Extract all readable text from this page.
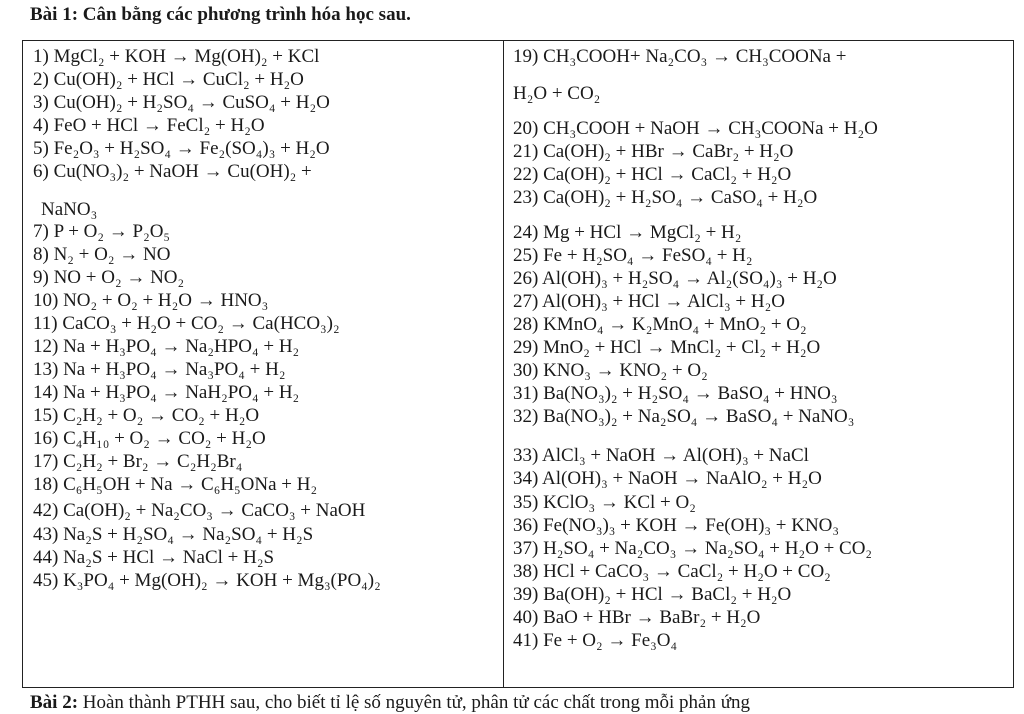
Bài 1: Cân bằng các phương trình hóa học sau.
1) MgCl₂ + KOH → Mg(OH)₂ + KCl
2) Cu(OH)₂ + HCl → CuCl₂ + H₂O
3) Cu(OH)₂ + H₂SO₄ → CuSO₄ + H₂O
4) FeO + HCl → FeCl₂ + H₂O
5) Fe₂O₃ + H₂SO₄ → Fe₂(SO₄)₃ + H₂O
6) Cu(NO₃)₂ + NaOH → Cu(OH)₂ +
NaNO₃
7) P + O₂ → P₂O₅
8) N₂ + O₂ → NO
9) NO + O₂ → NO₂
10) NO₂ + O₂ + H₂O → HNO₃
11) CaCO₃ + H₂O + CO₂ → Ca(HCO₃)₂
12) Na + H₃PO₄ → Na₂HPO₄ + H₂
13) Na + H₃PO₄ → Na₃PO₄ + H₂
14) Na + H₃PO₄ → NaH₂PO₄ + H₂
15) C₂H₂ + O₂ → CO₂ + H₂O
16) C₄H₁₀ + O₂ → CO₂ + H₂O
17) C₂H₂ + Br₂ → C₂H₂Br₄
18) C₆H₅OH + Na → C₆H₅ONa + H₂
42) Ca(OH)₂ + Na₂CO₃ → CaCO₃ + NaOH
43) Na₂S + H₂SO₄ → Na₂SO₄ + H₂S
44) Na₂S + HCl → NaCl + H₂S
45) K₃PO₄ + Mg(OH)₂ → KOH + Mg₃(PO₄)₂
19) CH₃COOH+ Na₂CO₃ → CH₃COONa +
H₂O + CO₂
20) CH₃COOH + NaOH → CH₃COONa + H₂O
21) Ca(OH)₂ + HBr → CaBr₂ + H₂O
22) Ca(OH)₂ + HCl → CaCl₂ + H₂O
23) Ca(OH)₂ + H₂SO₄ → CaSO₄ + H₂O
24) Mg + HCl → MgCl₂ + H₂
25) Fe + H₂SO₄ → FeSO₄ + H₂
26) Al(OH)₃ + H₂SO₄ → Al₂(SO₄)₃ + H₂O
27) Al(OH)₃ + HCl → AlCl₃ + H₂O
28) KMnO₄ → K₂MnO₄ + MnO₂ + O₂
29) MnO₂ + HCl → MnCl₂ + Cl₂ + H₂O
30) KNO₃ → KNO₂ + O₂
31) Ba(NO₃)₂ + H₂SO₄ → BaSO₄ + HNO₃
32) Ba(NO₃)₂ + Na₂SO₄ → BaSO₄ + NaNO₃
33) AlCl₃ + NaOH → Al(OH)₃ + NaCl
34) Al(OH)₃ + NaOH → NaAlO₂ + H₂O
35) KClO₃ → KCl + O₂
36) Fe(NO₃)₃ + KOH → Fe(OH)₃ + KNO₃
37) H₂SO₄ + Na₂CO₃ → Na₂SO₄ + H₂O + CO₂
38) HCl + CaCO₃ → CaCl₂ + H₂O + CO₂
39) Ba(OH)₂ + HCl → BaCl₂ + H₂O
40) BaO + HBr → BaBr₂ + H₂O
41) Fe + O₂ → Fe₃O₄
Bài 2: Hoàn thành PTHH sau, cho biết tỉ lệ số nguyên tử, phân tử các chất trong mỗi phản ứng
